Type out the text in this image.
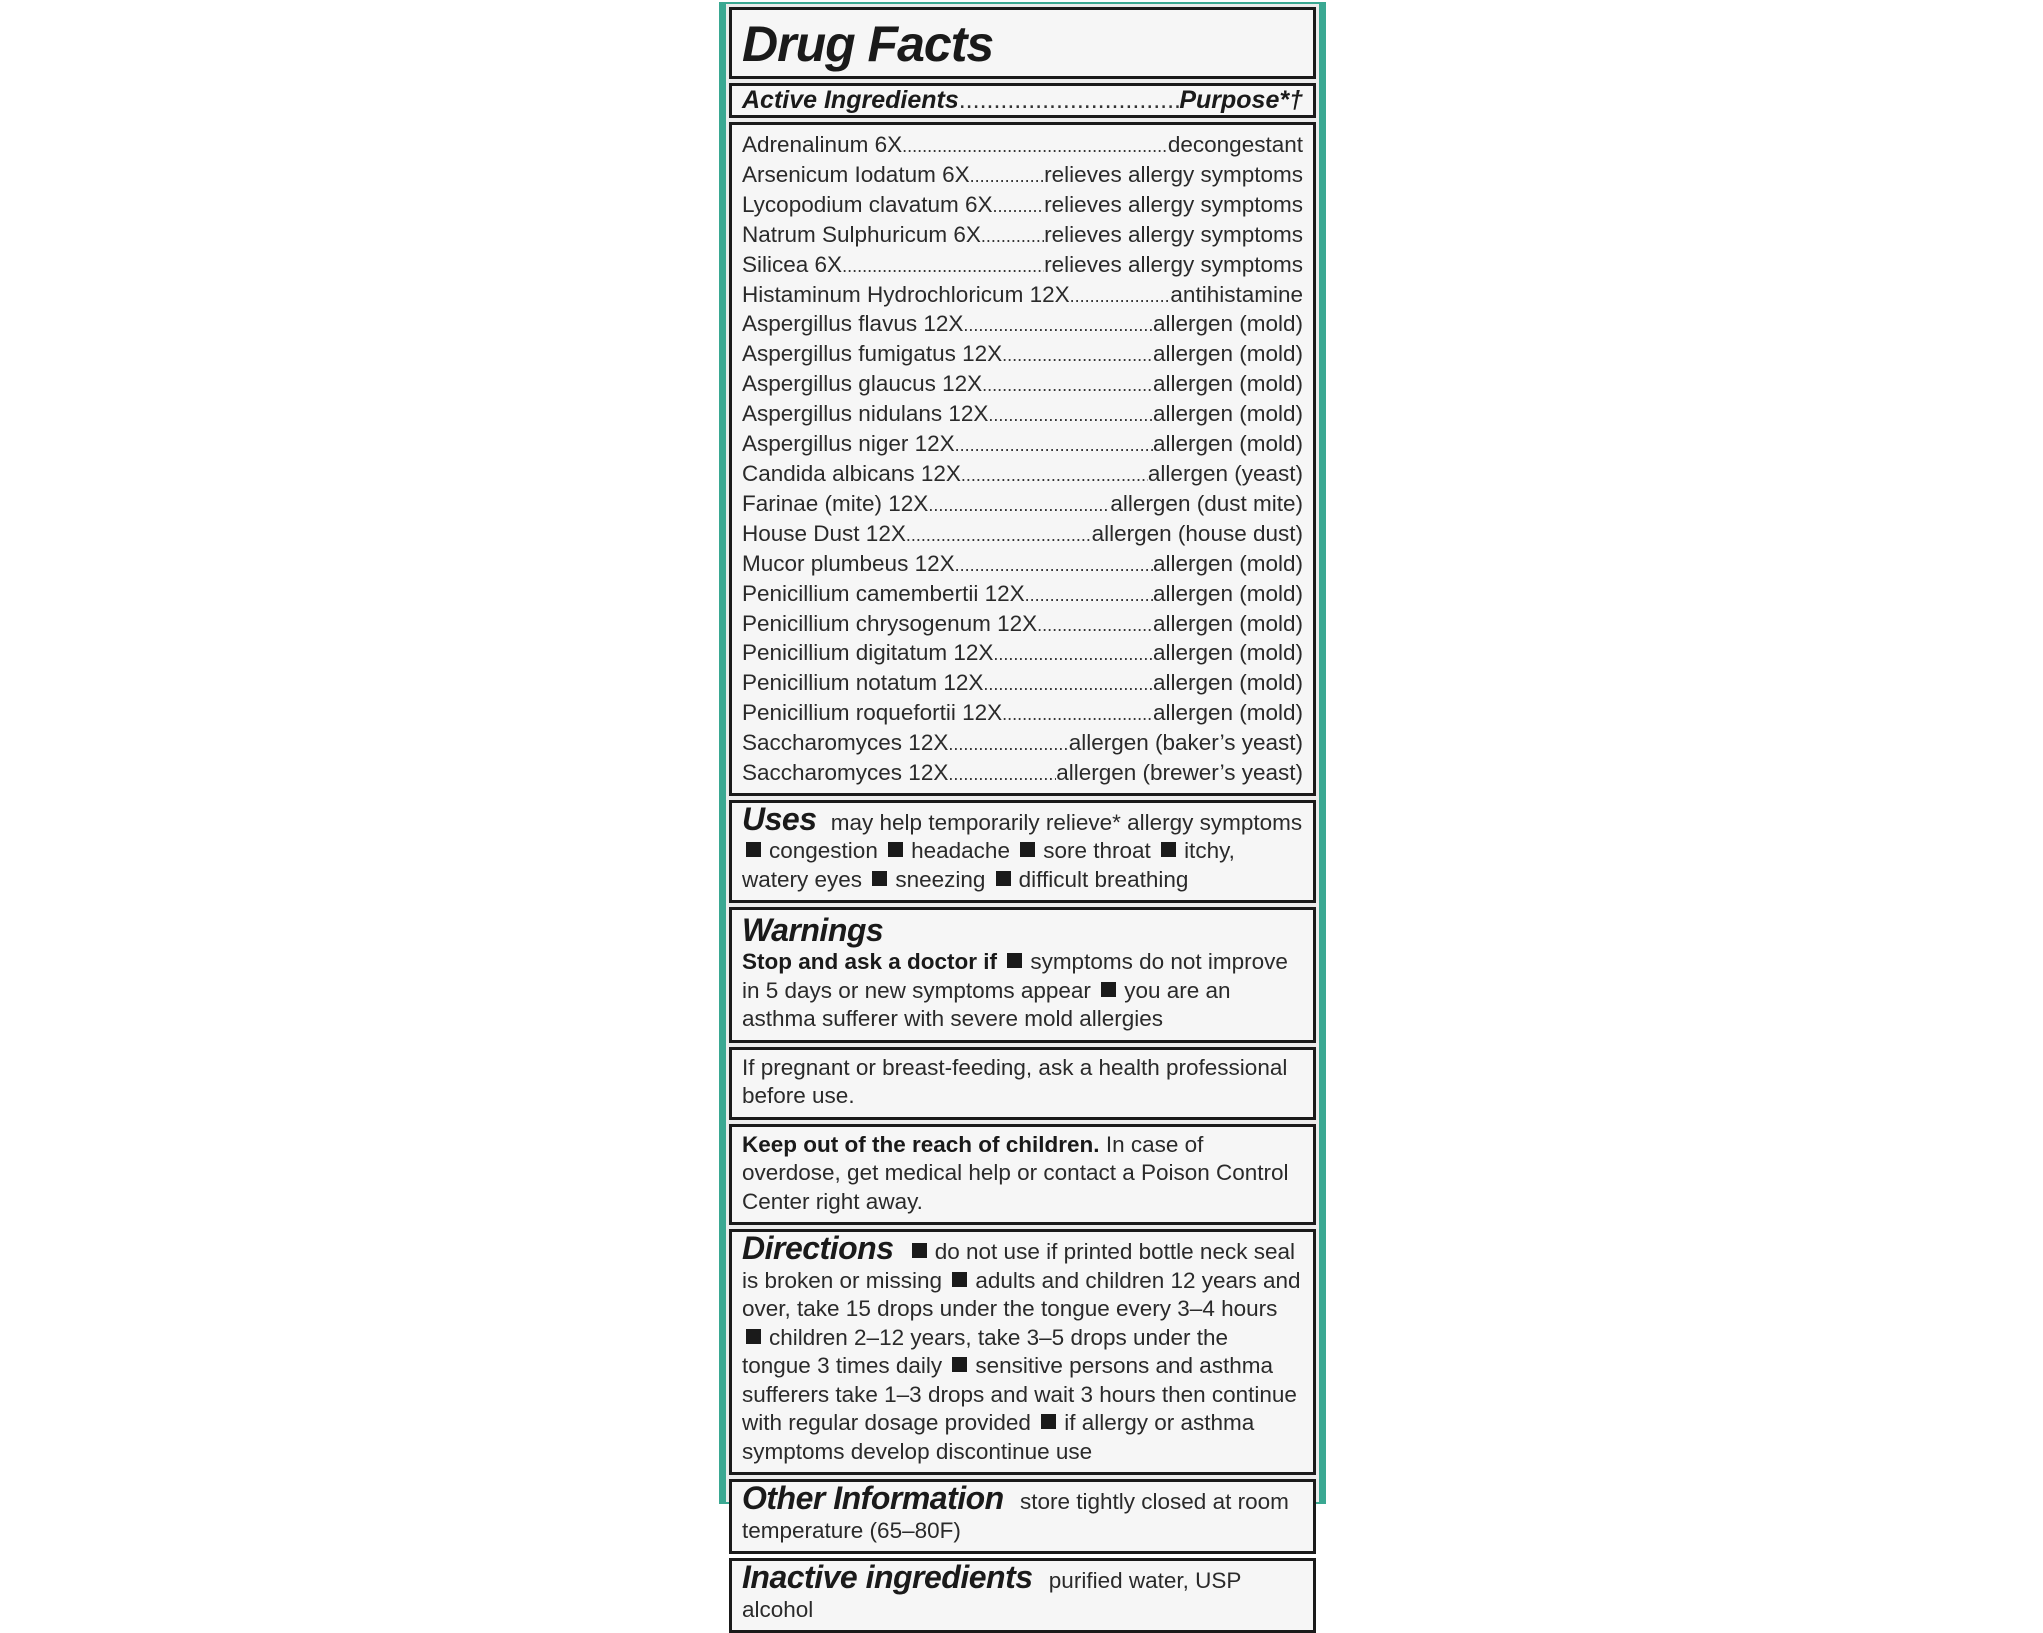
Drug Facts
Active Ingredients .....	Purpose*†
Adrenalinum 6X .....	decongestant
Arsenicum Iodatum 6X .....	relieves allergy symptoms
Lycopodium clavatum 6X ..... relieves allergy symptoms
Natrum Sulphuricum 6X .....	relieves allergy symptoms
Silicea 6X .....	relieves allergy symptoms
Histaminum Hydrochloricum 12X .....	antihistamine
Aspergillus flavus 12X .....	allergen (mold)
Aspergillus fumigatus 12X .....	allergen (mold)
Aspergillus glaucus 12X .....	allergen (mold)
Aspergillus nidulans 12X .....	allergen (mold)
Aspergillus niger 12X .....	allergen (mold)
Candida albicans 12X .....	allergen (yeast)
Farinae (mite) 12X .....	allergen (dust mite)
House Dust 12X .....	allergen (house dust)
Mucor plumbeus 12X .....	allergen (mold)
Penicillium camembertii 12X .....	allergen (mold)
Penicillium chrysogenum 12X .....	allergen (mold)
Penicillium digitatum 12X .....	allergen (mold)
Penicillium notatum 12X .....	allergen (mold)
Penicillium roquefortii 12X .....	allergen (mold)
Saccharomyces 12X .....	allergen (baker’s yeast)
Saccharomyces 12X .....	allergen (brewer’s yeast)
Uses may help temporarily relieve* allergy symptoms
congestion headache sore throat itchy, watery eyes sneezing difficult breathing
Warnings
Stop and ask a doctor if symptoms do not improve in 5 days or new symptoms appear you are an asthma sufferer with severe mold allergies
If pregnant or breast-feeding, ask a health professional before use.
Keep out of the reach of children. In case of overdose, get medical help or contact a Poison Control Center right away.
Directions do not use if printed bottle neck seal is broken or missing adults and children 12 years and over, take 15 drops under the tongue every 3–4 hours children 2–12 years, take 3–5 drops under the tongue 3 times daily sensitive persons and asthma sufferers take 1–3 drops and wait 3 hours then continue with regular dosage provided if allergy or asthma symptoms develop discontinue use
Other Information store tightly closed at room temperature (65–80F)
Inactive ingredients purified water, USP alcohol
